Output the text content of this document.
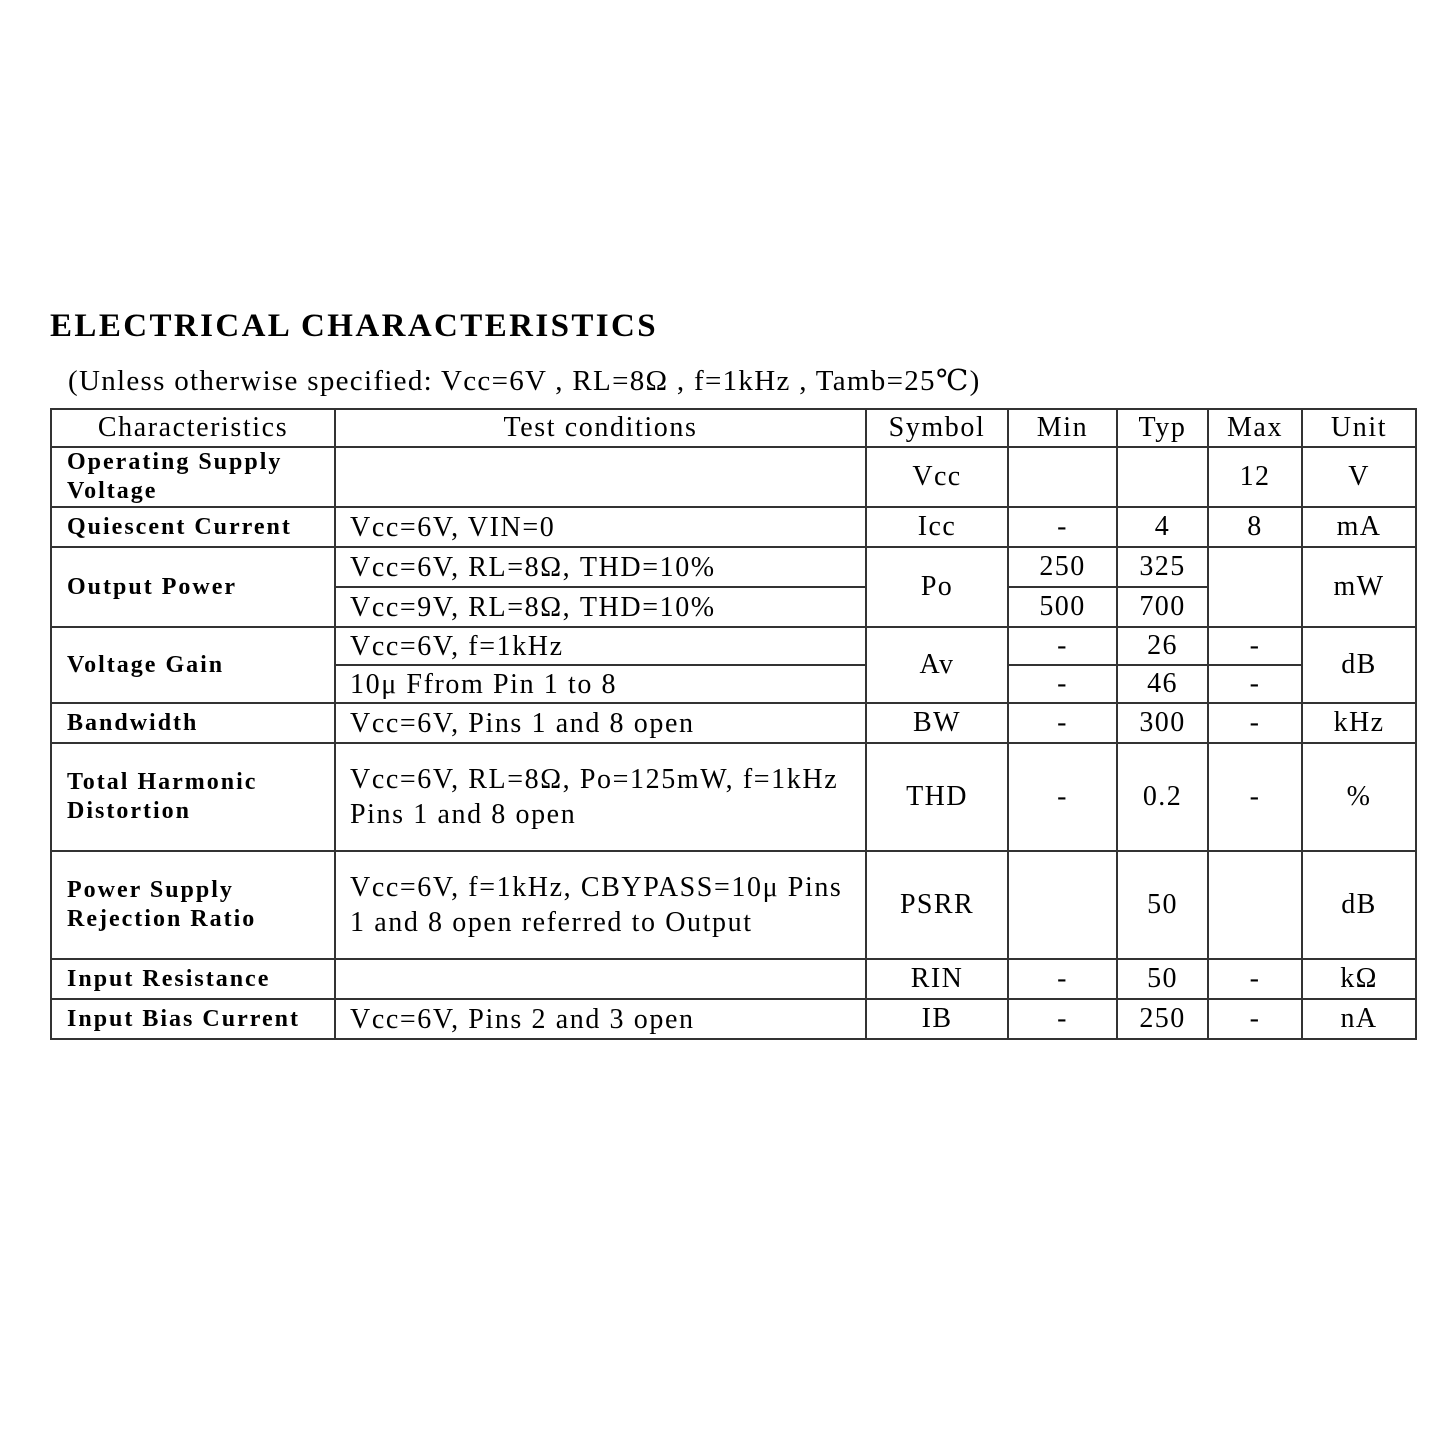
ELECTRICAL CHARACTERISTICS
(Unless otherwise specified: Vcc=6V , RL=8Ω , f=1kHz , Tamb=25℃)
Characteristics	Test conditions	Symbol	Min	Typ	Max	Unit
Operating Supply Voltage		Vcc			12	V
Quiescent Current	Vcc=6V, VIN=0	Icc	-	4	8	mA
Output Power	Vcc=6V, RL=8Ω, THD=10%	Po	250	325		mW
	Vcc=9V, RL=8Ω, THD=10%		500	700		
Voltage Gain	Vcc=6V, f=1kHz	Av	-	26	-	dB
	10μ Ffrom Pin 1 to 8		-	46	-	
Bandwidth	Vcc=6V, Pins 1 and 8 open	BW	-	300	-	kHz
Total Harmonic Distortion	Vcc=6V, RL=8Ω, Po=125mW, f=1kHz Pins 1 and 8 open	THD	-	0.2	-	%
Power Supply Rejection Ratio	Vcc=6V, f=1kHz, CBYPASS=10μ Pins 1 and 8 open referred to Output	PSRR		50		dB
Input Resistance		RIN	-	50	-	kΩ
Input Bias Current	Vcc=6V, Pins 2 and 3 open	IB	-	250	-	nA
